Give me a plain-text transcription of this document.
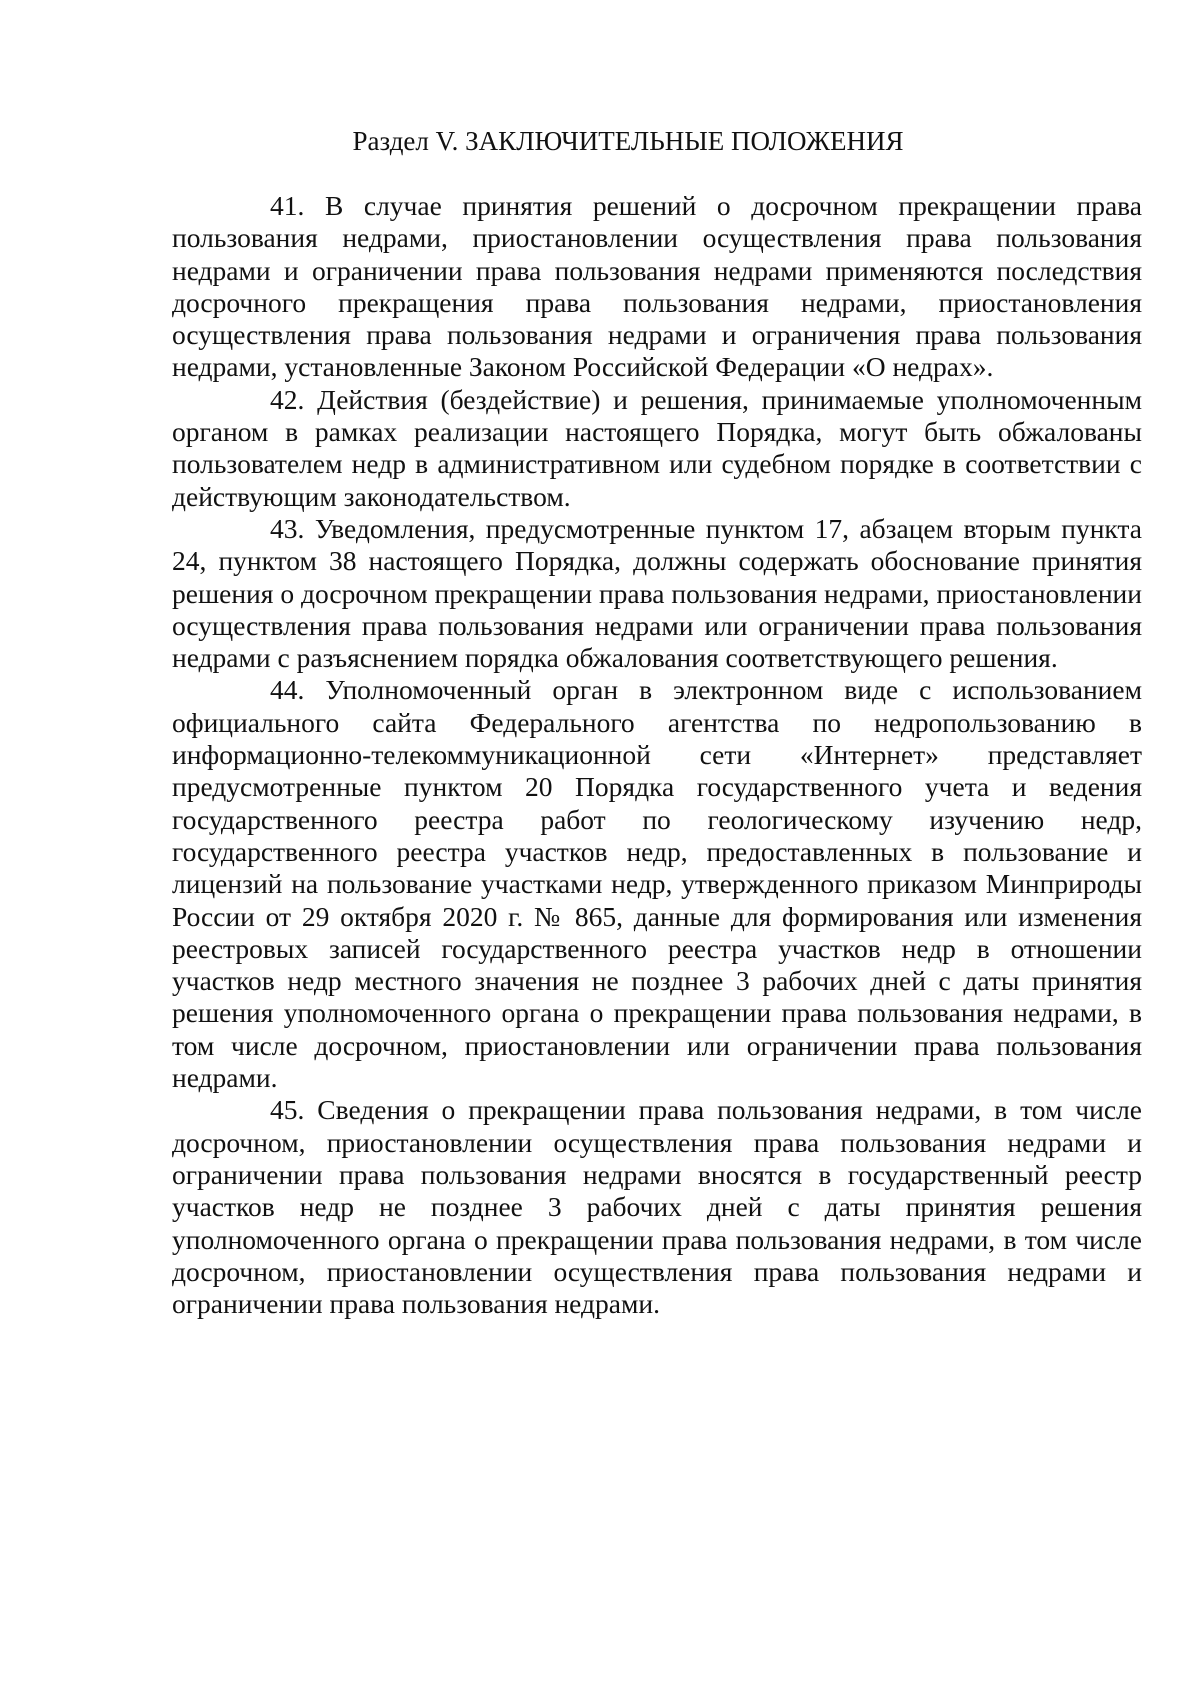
Раздел V. ЗАКЛЮЧИТЕЛЬНЫЕ ПОЛОЖЕНИЯ

41. В случае принятия решений о досрочном прекращении права пользования недрами, приостановлении осуществления права пользования недрами и ограничении права пользования недрами применяются последствия досрочного прекращения права пользования недрами, приостановления осуществления права пользования недрами и ограничения права пользования недрами, установленные Законом Российской Федерации «О недрах».

42. Действия (бездействие) и решения, принимаемые уполномоченным органом в рамках реализации настоящего Порядка, могут быть обжалованы пользователем недр в административном или судебном порядке в соответствии с действующим законодательством.

43. Уведомления, предусмотренные пунктом 17, абзацем вторым пункта 24, пунктом 38 настоящего Порядка, должны содержать обоснование принятия решения о досрочном прекращении права пользования недрами, приостановлении осуществления права пользования недрами или ограничении права пользования недрами с разъяснением порядка обжалования соответствующего решения.

44. Уполномоченный орган в электронном виде с использованием официального сайта Федерального агентства по недропользованию в информационно-телекоммуникационной сети «Интернет» представляет предусмотренные пунктом 20 Порядка государственного учета и ведения государственного реестра работ по геологическому изучению недр, государственного реестра участков недр, предоставленных в пользование и лицензий на пользование участками недр, утвержденного приказом Минприроды России от 29 октября 2020 г. № 865, данные для формирования или изменения реестровых записей государственного реестра участков недр в отношении участков недр местного значения не позднее 3 рабочих дней с даты принятия решения уполномоченного органа о прекращении права пользования недрами, в том числе досрочном, приостановлении или ограничении права пользования недрами.

45. Сведения о прекращении права пользования недрами, в том числе досрочном, приостановлении осуществления права пользования недрами и ограничении права пользования недрами вносятся в государственный реестр участков недр не позднее 3 рабочих дней с даты принятия решения уполномоченного органа о прекращении права пользования недрами, в том числе досрочном, приостановлении осуществления права пользования недрами и ограничении права пользования недрами.
